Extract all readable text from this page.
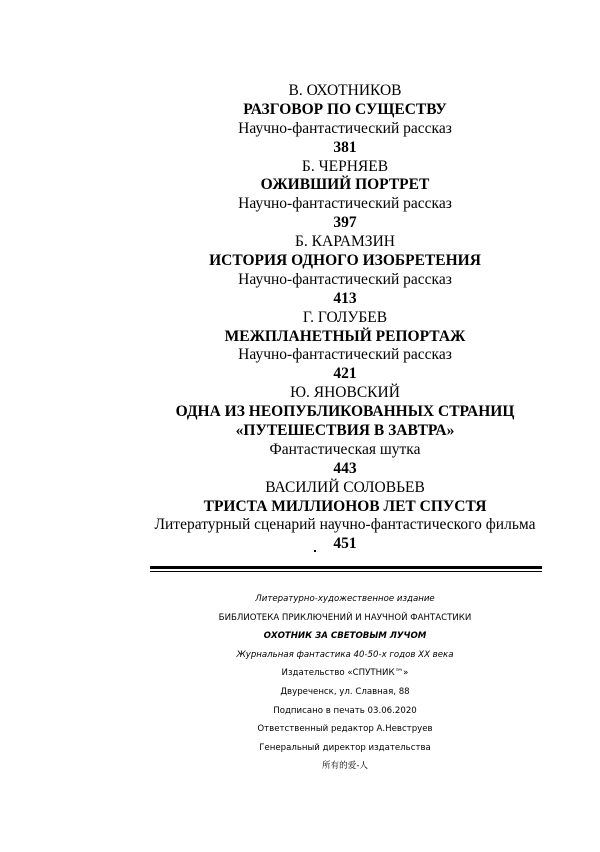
В. ОХОТНИКОВ
РАЗГОВОР ПО СУЩЕСТВУ
Научно-фантастический рассказ
381
Б. ЧЕРНЯЕВ
ОЖИВШИЙ ПОРТРЕТ
Научно-фантастический рассказ
397
Б. КАРАМЗИН
ИСТОРИЯ ОДНОГО ИЗОБРЕТЕНИЯ
Научно-фантастический рассказ
413
Г. ГОЛУБЕВ
МЕЖПЛАНЕТНЫЙ РЕПОРТАЖ
Научно-фантастический рассказ
421
Ю. ЯНОВСКИЙ
ОДНА ИЗ НЕОПУБЛИКОВАННЫХ СТРАНИЦ
«ПУТЕШЕСТВИЯ В ЗАВТРА»
Фантастическая шутка
443
ВАСИЛИЙ СОЛОВЬЕВ
ТРИСТА МИЛЛИОНОВ ЛЕТ СПУСТЯ
Литературный сценарий научно-фантастического фильма
451
Литературно-художественное издание
БИБЛИОТЕКА ПРИКЛЮЧЕНИЙ И НАУЧНОЙ ФАНТАСТИКИ
ОХОТНИК ЗА СВЕТОВЫМ ЛУЧОМ
Журнальная фантастика 40-50-х годов XX века
Издательство «СПУТНИК™»
Двуреченск, ул. Славная, 88
Подписано в печать 03.06.2020
Ответственный редактор А.Невструев
Генеральный директор издательства
所有的爱-人
